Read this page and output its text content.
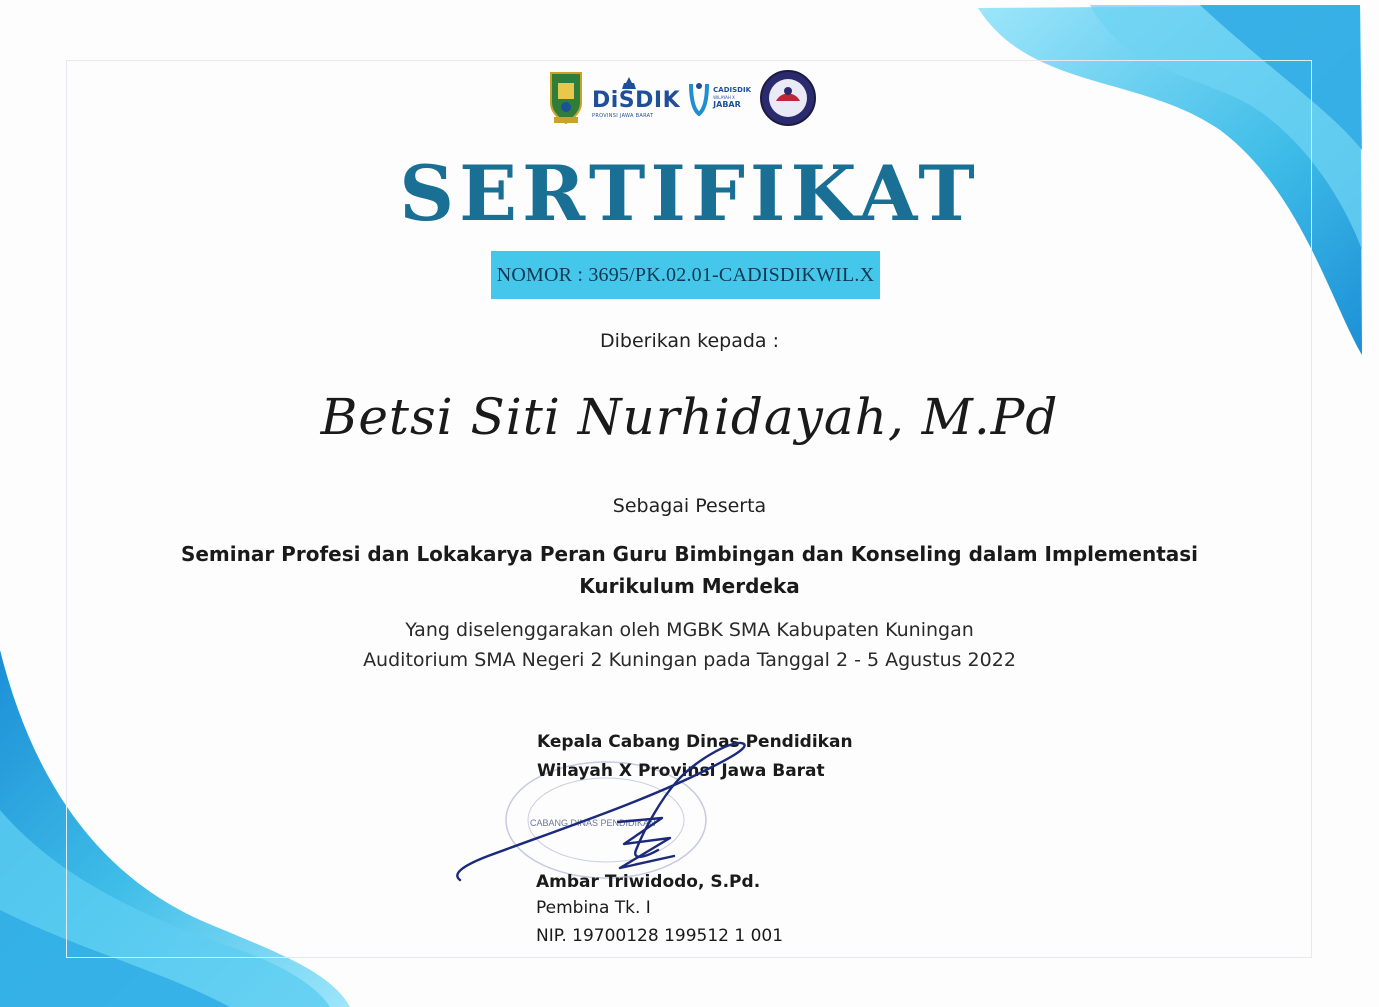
DiSDIK
PROVINSI JAWA BARAT
CADISDIK
WILAYAH X
JABAR
SERTIFIKAT
NOMOR : 3695/PK.02.01-CADISDIKWIL.X
Diberikan kepada :
Betsi Siti Nurhidayah, M.Pd
Sebagai Peserta
Seminar Profesi dan Lokakarya Peran Guru Bimbingan dan Konseling dalam Implementasi
Kurikulum Merdeka
Yang diselenggarakan oleh MGBK SMA Kabupaten Kuningan
Auditorium SMA Negeri 2 Kuningan pada Tanggal 2 - 5 Agustus 2022
CABANG DINAS PENDIDIKAN
Kepala Cabang Dinas Pendidikan
Wilayah X Provinsi Jawa Barat
Ambar Triwidodo, S.Pd.
Pembina Tk. I
NIP. 19700128 199512 1 001
